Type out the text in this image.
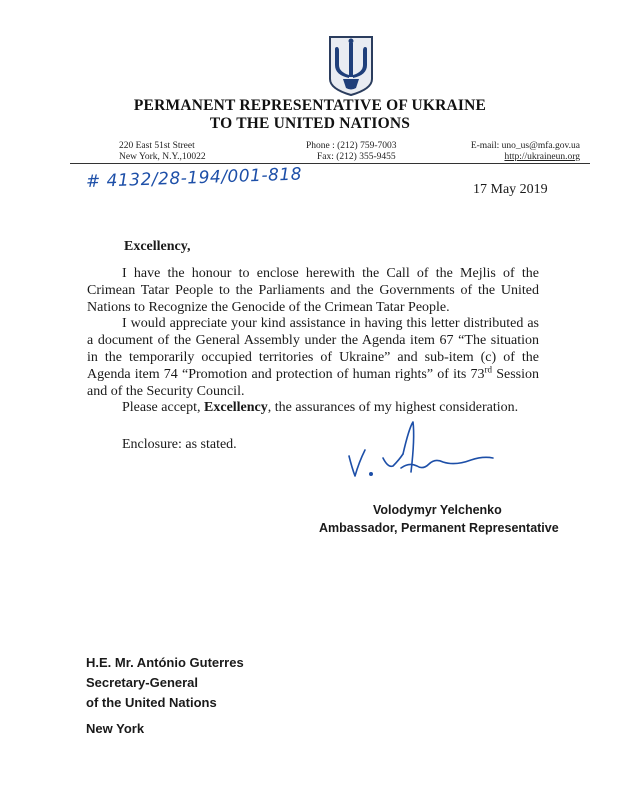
PERMANENT REPRESENTATIVE OF UKRAINE
TO THE UNITED NATIONS
220 East 51st Street
New York, N.Y.,10022
Phone : (212) 759-7003
Fax: (212) 355-9455
E-mail: uno_us@mfa.gov.ua
http://ukraineun.org
# 4132/28-194/001-818	17 May 2019
Excellency,

I have the honour to enclose herewith the Call of the Mejlis of the Crimean Tatar People to the Parliaments and the Governments of the United Nations to Recognize the Genocide of the Crimean Tatar People.

I would appreciate your kind assistance in having this letter distributed as a document of the General Assembly under the Agenda item 67 “The situation in the temporarily occupied territories of Ukraine” and sub-item (c) of the Agenda item 74 “Promotion and protection of human rights” of its 73rd Session and of the Security Council.

Please accept, Excellency, the assurances of my highest consideration.

Enclosure: as stated.
Volodymyr Yelchenko
Ambassador, Permanent Representative
H.E. Mr. António Guterres
Secretary-General
of the United Nations
New York
